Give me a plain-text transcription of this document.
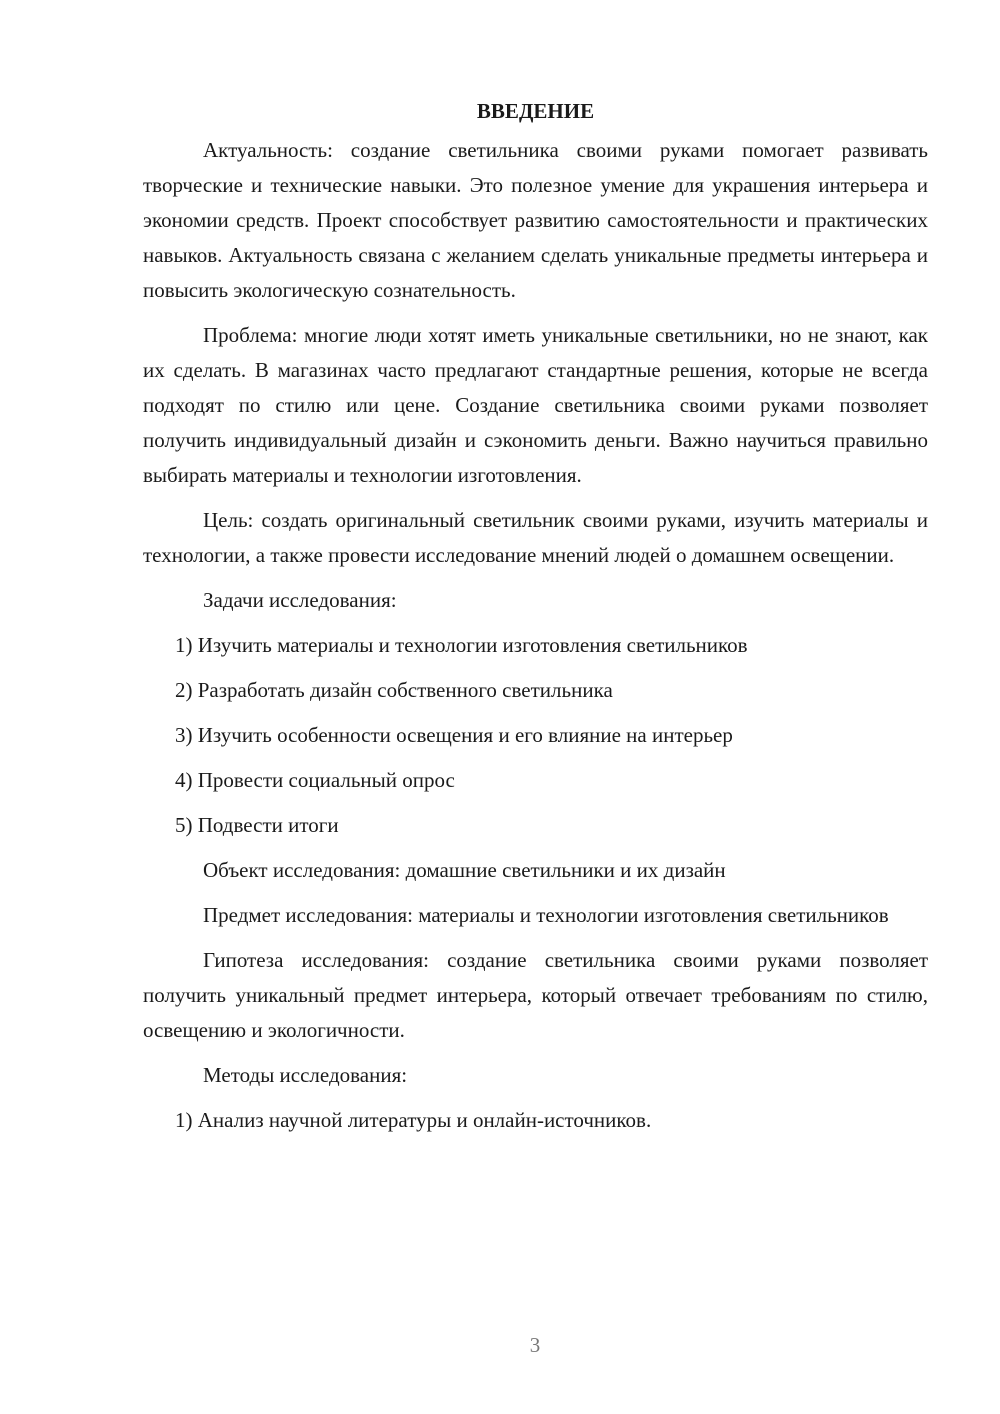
ВВЕДЕНИЕ

Актуальность: создание светильника своими руками помогает развивать творческие и технические навыки. Это полезное умение для украшения интерьера и экономии средств. Проект способствует развитию самостоятельности и практических навыков. Актуальность связана с желанием сделать уникальные предметы интерьера и повысить экологическую сознательность.

Проблема: многие люди хотят иметь уникальные светильники, но не знают, как их сделать. В магазинах часто предлагают стандартные решения, которые не всегда подходят по стилю или цене. Создание светильника своими руками позволяет получить индивидуальный дизайн и сэкономить деньги. Важно научиться правильно выбирать материалы и технологии изготовления.

Цель: создать оригинальный светильник своими руками, изучить материалы и технологии, а также провести исследование мнений людей о домашнем освещении.

Задачи исследования:
1) Изучить материалы и технологии изготовления светильников
2) Разработать дизайн собственного светильника
3) Изучить особенности освещения и его влияние на интерьер
4) Провести социальный опрос
5) Подвести итоги

Объект исследования: домашние светильники и их дизайн

Предмет исследования: материалы и технологии изготовления светильников

Гипотеза исследования: создание светильника своими руками позволяет получить уникальный предмет интерьера, который отвечает требованиям по стилю, освещению и экологичности.

Методы исследования:
1) Анализ научной литературы и онлайн-источников.
3
